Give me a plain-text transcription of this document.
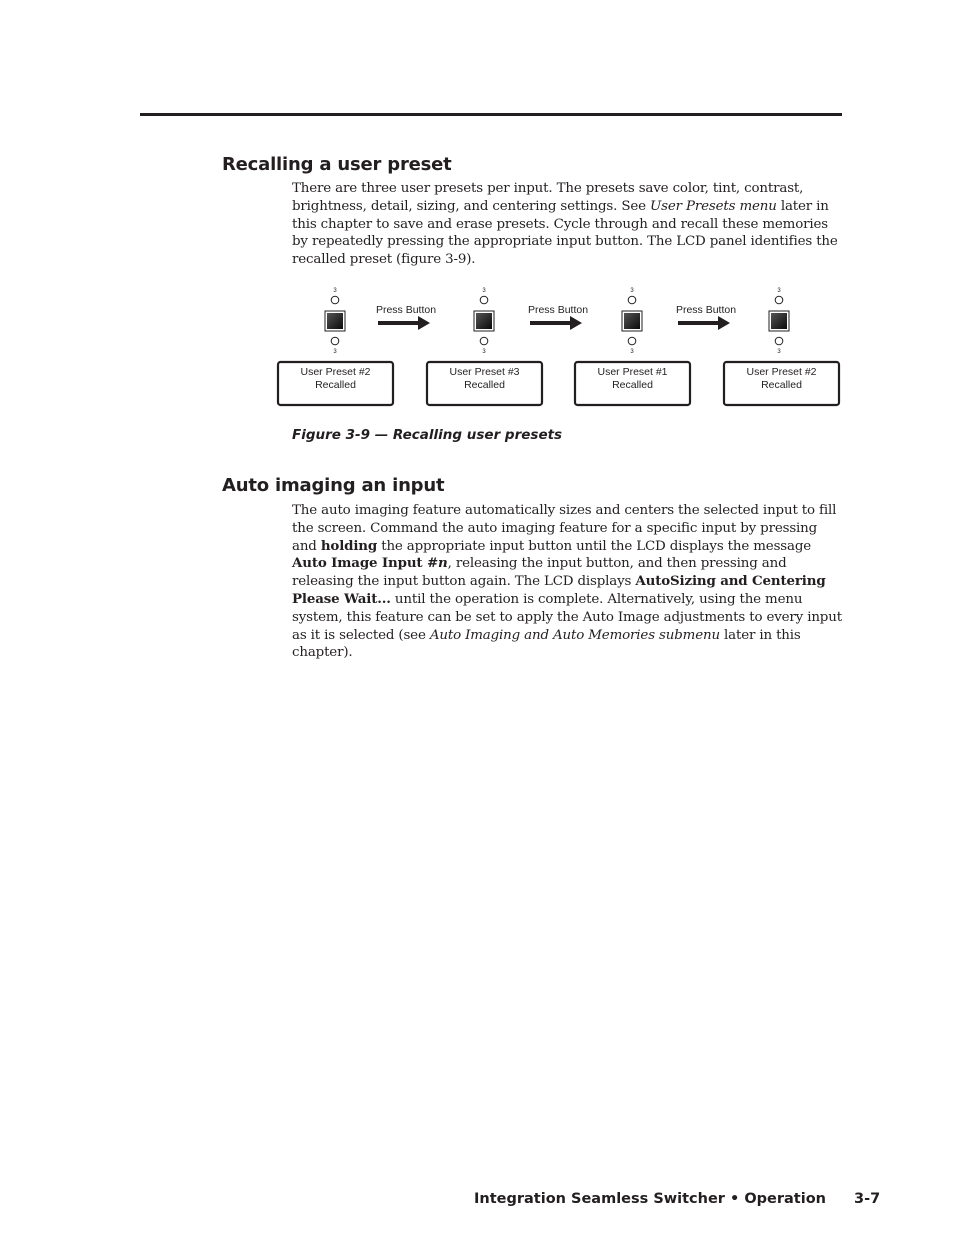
Recalling a user preset

There are three user presets per input. The presets save color, tint, contrast, brightness, detail, sizing, and centering settings. See User Presets menu later in this chapter to save and erase presets. Cycle through and recall these memories by repeatedly pressing the appropriate input button. The LCD panel identifies the recalled preset (figure 3-9).

3
3
User Preset #2
Recalled
3
3
User Preset #3
Recalled
3
3
User Preset #1
Recalled
3
3
User Preset #2
Recalled
Press Button	Press Button	Press Button
Figure 3-9 — Recalling user presets
Auto imaging an input

The auto imaging feature automatically sizes and centers the selected input to fill the screen. Command the auto imaging feature for a specific input by pressing and holding the appropriate input button until the LCD displays the message Auto Image Input #n, releasing the input button, and then pressing and releasing the input button again. The LCD displays AutoSizing and Centering Please Wait... until the operation is complete. Alternatively, using the menu system, this feature can be set to apply the Auto Image adjustments to every input as it is selected (see Auto Imaging and Auto Memories submenu later in this chapter).

Integration Seamless Switcher • Operation 3-7
